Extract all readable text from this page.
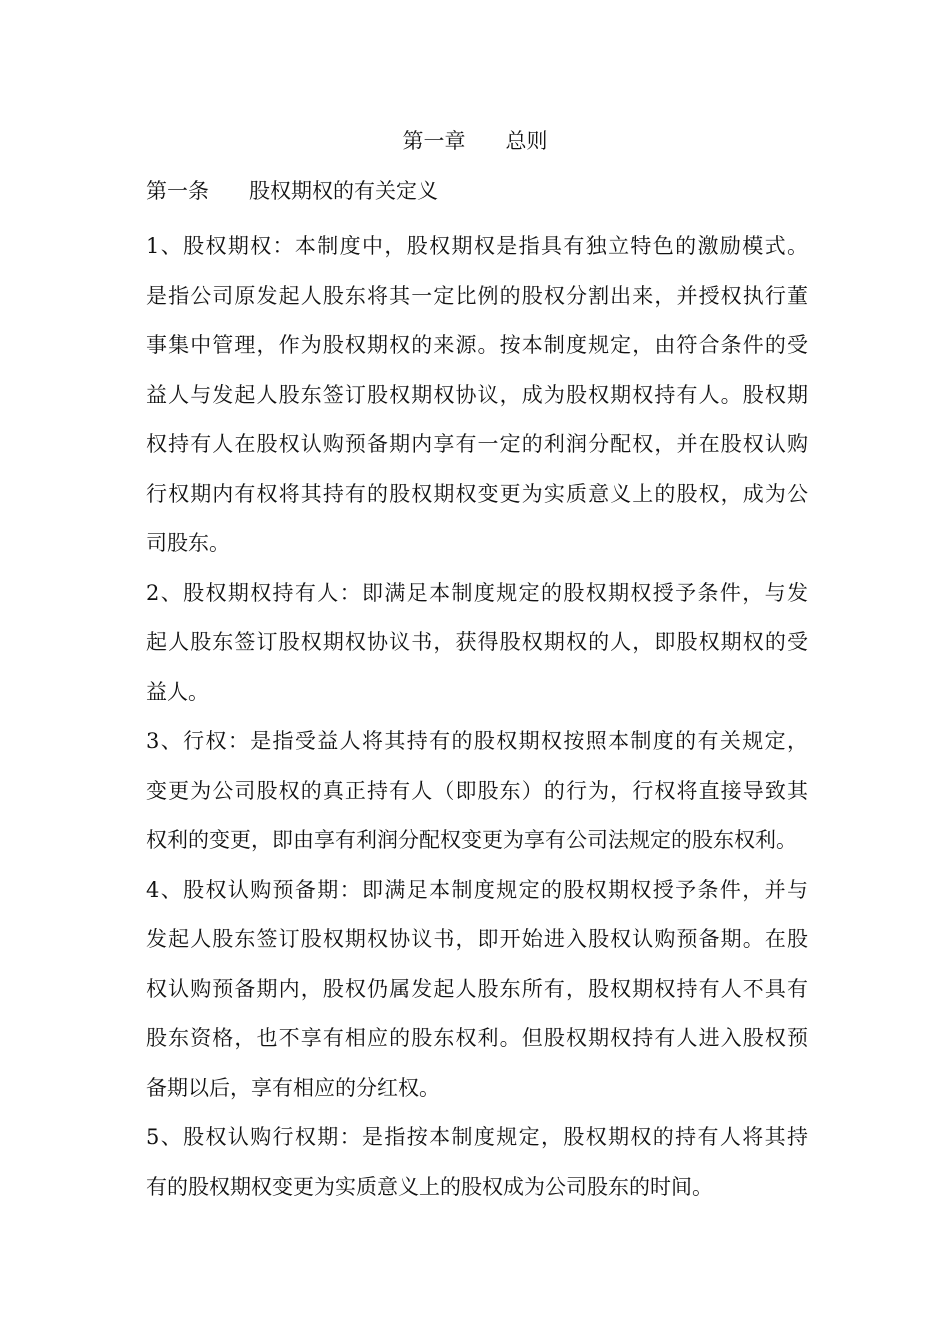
第一章      总则
第一条      股权期权的有关定义
1、股权期权：本制度中，股权期权是指具有独立特色的激励模式。
是指公司原发起人股东将其一定比例的股权分割出来，并授权执行董
事集中管理，作为股权期权的来源。按本制度规定，由符合条件的受
益人与发起人股东签订股权期权协议，成为股权期权持有人。股权期
权持有人在股权认购预备期内享有一定的利润分配权，并在股权认购
行权期内有权将其持有的股权期权变更为实质意义上的股权，成为公
司股东。
2、股权期权持有人：即满足本制度规定的股权期权授予条件，与发
起人股东签订股权期权协议书，获得股权期权的人，即股权期权的受
益人。
3、行权：是指受益人将其持有的股权期权按照本制度的有关规定，
变更为公司股权的真正持有人（即股东）的行为，行权将直接导致其
权利的变更，即由享有利润分配权变更为享有公司法规定的股东权利。
4、股权认购预备期：即满足本制度规定的股权期权授予条件，并与
发起人股东签订股权期权协议书，即开始进入股权认购预备期。在股
权认购预备期内，股权仍属发起人股东所有，股权期权持有人不具有
股东资格，也不享有相应的股东权利。但股权期权持有人进入股权预
备期以后，享有相应的分红权。
5、股权认购行权期：是指按本制度规定，股权期权的持有人将其持
有的股权期权变更为实质意义上的股权成为公司股东的时间。
